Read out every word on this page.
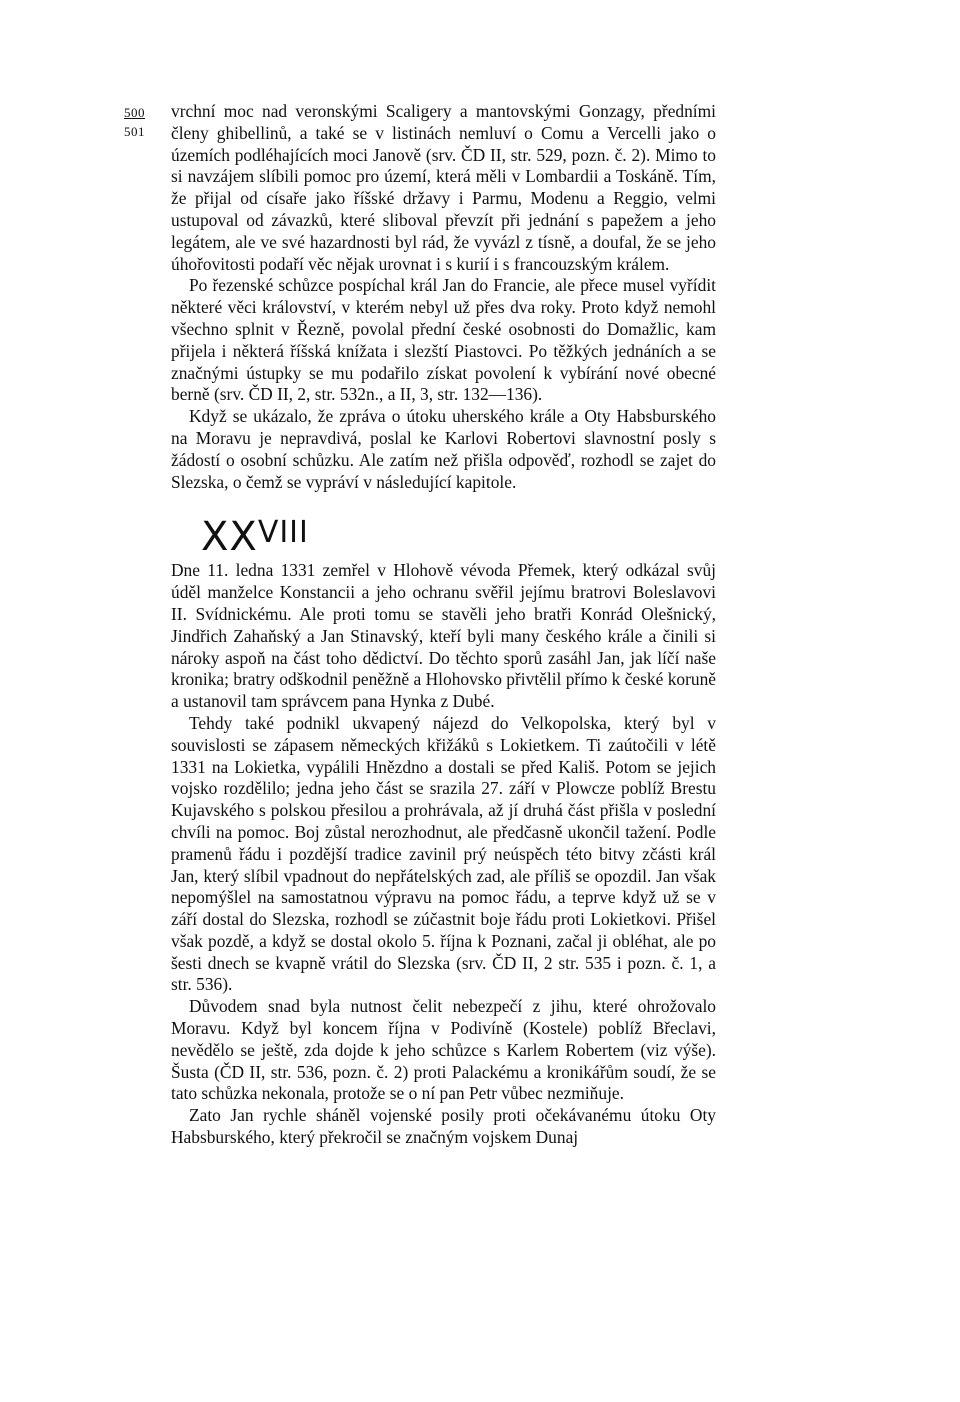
500
501

vrchní moc nad veronskými Scaligery a mantovskými Gonzagy, předními členy ghibellinů, a také se v listinách nemluví o Comu a Vercelli jako o územích podléhajících moci Janově (srv. ČD II, str. 529, pozn. č. 2). Mimo to si navzájem slíbili pomoc pro území, která měli v Lombardii a Toskáně. Tím, že přijal od císaře jako říšské državy i Parmu, Modenu a Reggio, velmi ustupoval od závazků, které sliboval převzít při jednání s papežem a jeho legátem, ale ve své hazardnosti byl rád, že vyvázl z tísně, a doufal, že se jeho úhořovitosti podaří věc nějak urovnat i s kurií i s francouzským králem.

Po řezenské schůzce pospíchal král Jan do Francie, ale přece musel vyřídit některé věci království, v kterém nebyl už přes dva roky. Proto když nemohl všechno splnit v Řezně, povolal přední české osobnosti do Domažlic, kam přijela i některá říšská knížata i slezští Piastovci. Po těžkých jednáních a se značnými ústupky se mu podařilo získat povolení k vybírání nové obecné berně (srv. ČD II, 2, str. 532n., a II, 3, str. 132—136).

Když se ukázalo, že zpráva o útoku uherského krále a Oty Habsburského na Moravu je nepravdivá, poslal ke Karlovi Robertovi slavnostní posly s žádostí o osobní schůzku. Ale zatím než přišla odpověď, rozhodl se zajet do Slezska, o čemž se vypráví v následující kapitole.

$XX^{VIII}$

Dne 11. ledna 1331 zemřel v Hlohově vévoda Přemek, který odkázal svůj úděl manželce Konstancii a jeho ochranu svěřil jejímu bratrovi Boleslavovi II. Svídnickému. Ale proti tomu se stavěli jeho bratři Konrád Olešnický, Jindřich Zahaňský a Jan Stinavský, kteří byli many českého krále a činili si nároky aspoň na část toho dědictví. Do těchto sporů zasáhl Jan, jak líčí naše kronika; bratry odškodnil peněžně a Hlohovsko přivtělil přímo k české koruně a ustanovil tam správcem pana Hynka z Dubé.

Tehdy také podnikl ukvapený nájezd do Velkopolska, který byl v souvislosti se zápasem německých křižáků s Lokietkem. Ti zaútočili v létě 1331 na Lokietka, vypálili Hnězdno a dostali se před Kališ. Potom se jejich vojsko rozdělilo; jedna jeho část se srazila 27. září v Plowcze poblíž Brestu Kujavského s polskou přesilou a prohrávala, až jí druhá část přišla v poslední chvíli na pomoc. Boj zůstal nerozhodnut, ale předčasně ukončil tažení. Podle pramenů řádu i pozdější tradice zavinil prý neúspěch této bitvy zčásti král Jan, který slíbil vpadnout do nepřátelských zad, ale příliš se opozdil. Jan však nepomýšlel na samostatnou výpravu na pomoc řádu, a teprve když už se v září dostal do Slezska, rozhodl se zúčastnit boje řádu proti Lokietkovi. Přišel však pozdě, a když se dostal okolo 5. října k Poznani, začal ji obléhat, ale po šesti dnech se kvapně vrátil do Slezska (srv. ČD II, 2 str. 535 i pozn. č. 1, a str. 536).

Důvodem snad byla nutnost čelit nebezpečí z jihu, které ohrožovalo Moravu. Když byl koncem října v Podivíně (Kostele) poblíž Břeclavi, nevědělo se ještě, zda dojde k jeho schůzce s Karlem Robertem (viz výše). Šusta (ČD II, str. 536, pozn. č. 2) proti Palackému a kronikářům soudí, že se tato schůzka nekonala, protože se o ní pan Petr vůbec nezmiňuje.

Zato Jan rychle sháněl vojenské posily proti očekávanému útoku Oty Habsburského, který překročil se značným vojskem Dunaj
